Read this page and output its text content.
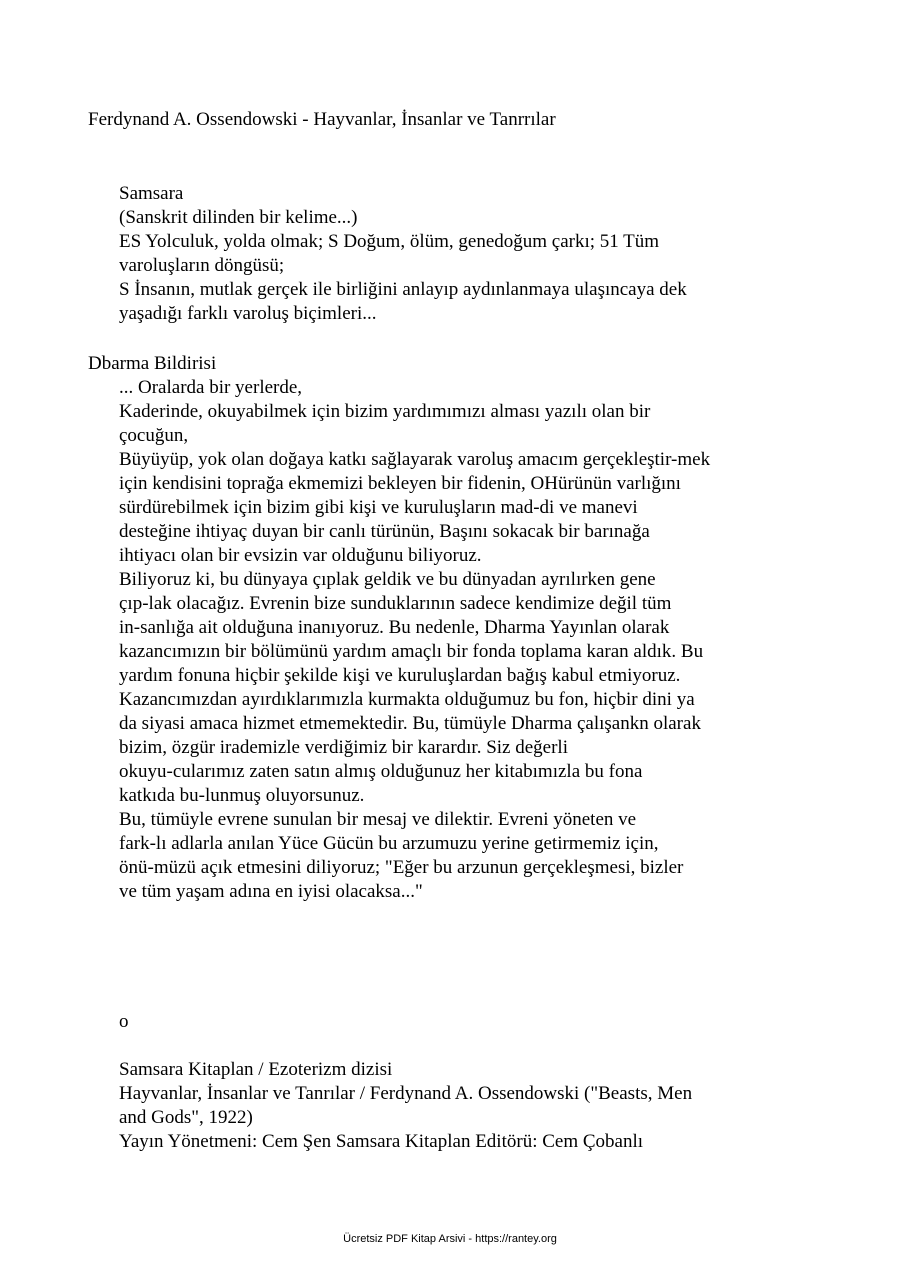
Ferdynand A. Ossendowski - Hayvanlar, İnsanlar ve Tanrrılar
Samsara
(Sanskrit dilinden bir kelime...)
ES Yolculuk, yolda olmak; S Doğum, ölüm, genedoğum çarkı; 51 Tüm
varoluşların döngüsü;
S İnsanın, mutlak gerçek ile birliğini anlayıp aydınlanmaya ulaşıncaya dek
yaşadığı farklı varoluş biçimleri...
Dbarma Bildirisi
... Oralarda bir yerlerde,
Kaderinde, okuyabilmek için bizim yardımımızı alması yazılı olan bir
çocuğun,
Büyüyüp, yok olan doğaya katkı sağlayarak varoluş amacım gerçekleştir-mek
için kendisini toprağa ekmemizi bekleyen bir fidenin, OHürünün varlığını
sürdürebilmek için bizim gibi kişi ve kuruluşların mad-di ve manevi
desteğine ihtiyaç duyan bir canlı türünün, Başını sokacak bir barınağa
ihtiyacı olan bir evsizin var olduğunu biliyoruz.
Biliyoruz ki, bu dünyaya çıplak geldik ve bu dünyadan ayrılırken gene
çıp-lak olacağız. Evrenin bize sunduklarının sadece kendimize değil tüm
in-sanlığa ait olduğuna inanıyoruz. Bu nedenle, Dharma Yayınlan olarak
kazancımızın bir bölümünü yardım amaçlı bir fonda toplama karan aldık. Bu
yardım fonuna hiçbir şekilde kişi ve kuruluşlardan bağış kabul etmiyoruz.
Kazancımızdan ayırdıklarımızla kurmakta olduğumuz bu fon, hiçbir dini ya
da siyasi amaca hizmet etmemektedir. Bu, tümüyle Dharma çalışankn olarak
bizim, özgür irademizle verdiğimiz bir karardır. Siz değerli
okuyu-cularımız zaten satın almış olduğunuz her kitabımızla bu fona
katkıda bu-lunmuş oluyorsunuz.
Bu, tümüyle evrene sunulan bir mesaj ve dilektir. Evreni yöneten ve
fark-lı adlarla anılan Yüce Gücün bu arzumuzu yerine getirmemiz için,
önü-müzü açık etmesini diliyoruz; "Eğer bu arzunun gerçekleşmesi, bizler
ve tüm yaşam adına en iyisi olacaksa..."
o
Samsara Kitaplan / Ezoterizm dizisi
Hayvanlar, İnsanlar ve Tanrılar / Ferdynand A. Ossendowski ("Beasts, Men
and Gods", 1922)
Yayın Yönetmeni: Cem Şen Samsara Kitaplan Editörü: Cem Çobanlı
Ücretsiz PDF Kitap Arsivi - https://rantey.org
